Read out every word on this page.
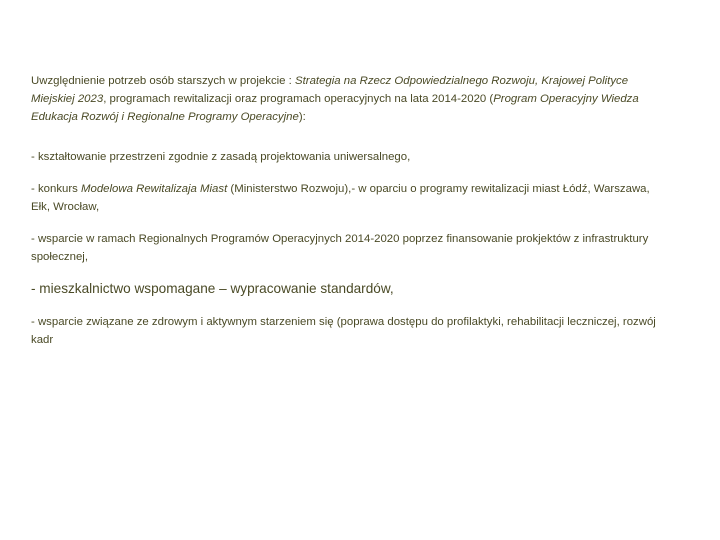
Uwzględnienie potrzeb osób starszych w projekcie : Strategia na Rzecz Odpowiedzialnego Rozwoju, Krajowej Polityce Miejskiej 2023, programach rewitalizacji oraz programach operacyjnych na lata 2014-2020 (Program Operacyjny Wiedza Edukacja Rozwój i Regionalne Programy Operacyjne):

- kształtowanie przestrzeni zgodnie z zasadą projektowania uniwersalnego,

- konkurs Modelowa Rewitalizaja Miast (Ministerstwo Rozwoju),- w oparciu o programy rewitalizacji miast Łódź, Warszawa, Ełk, Wrocław,

- wsparcie w ramach Regionalnych Programów Operacyjnych 2014-2020 poprzez finansowanie prokjektów z infrastruktury społecznej,

- mieszkalnictwo wspomagane – wypracowanie standardów,

- wsparcie związane ze zdrowym i aktywnym starzeniem się (poprawa dostępu do profilaktyki, rehabilitacji leczniczej, rozwój kadr
